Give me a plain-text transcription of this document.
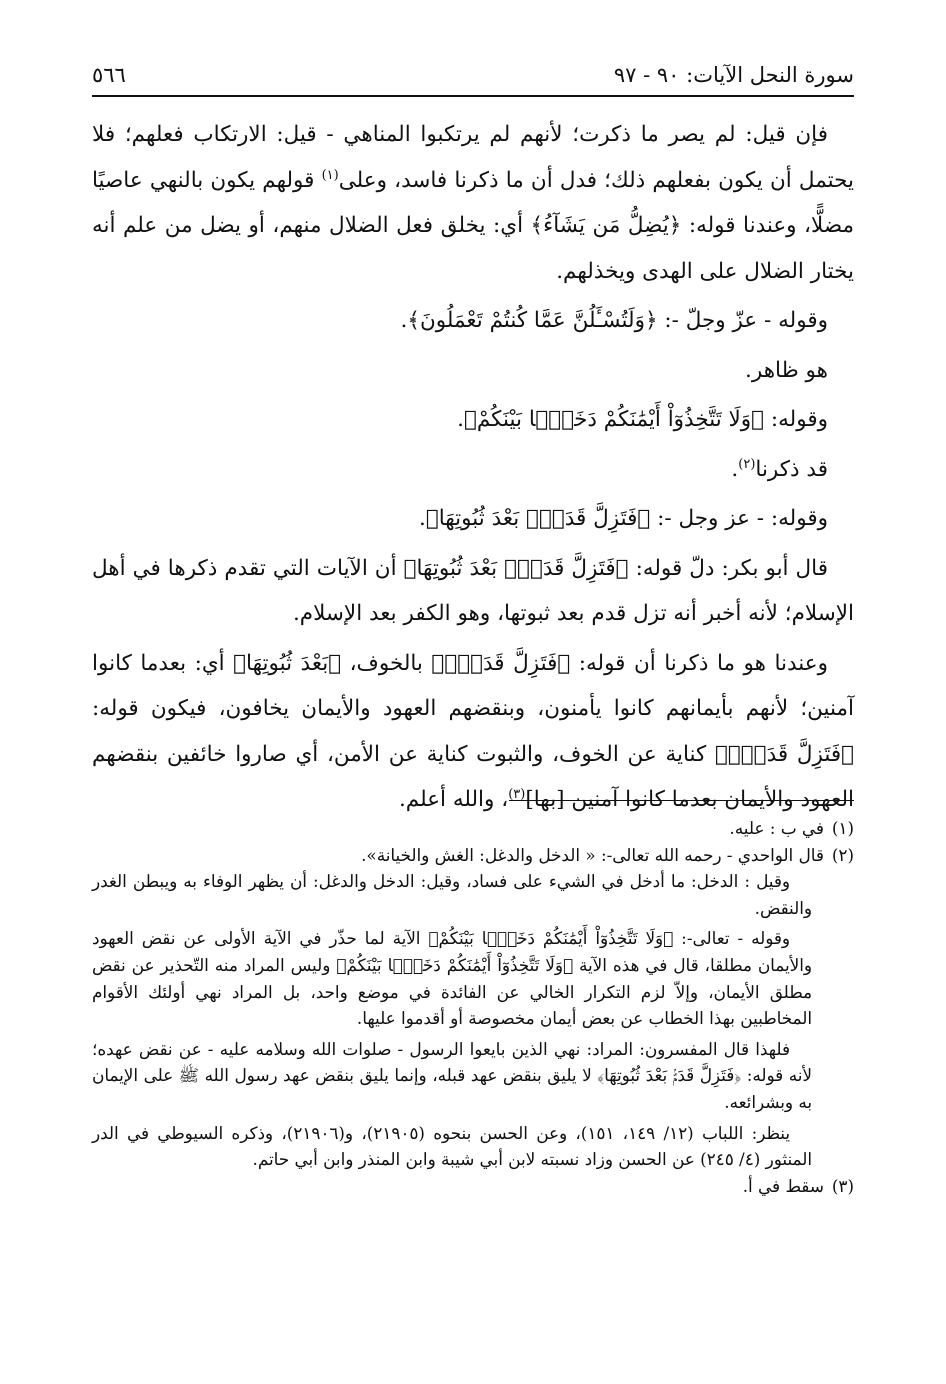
سورة النحل الآيات: ٩٠ - ٩٧
٥٦٦

فإن قيل: لم يصر ما ذكرت؛ لأنهم لم يرتكبوا المناهي - قيل: الارتكاب فعلهم؛ فلا يحتمل أن يكون بفعلهم ذلك؛ فدل أن ما ذكرنا فاسد، وعلى$^{(١)}$ قولهم يكون بالنهي عاصيًا مضلًّا، وعندنا قوله: ﴿يُضِلُّ مَن يَشَآءُ﴾ أي: يخلق فعل الضلال منهم، أو يضل من علم أنه يختار الضلال على الهدى ويخذلهم.

وقوله - عزّ وجلّ -: ﴿وَلَتُسْـَٔلُنَّ عَمَّا كُنتُمْ تَعْمَلُونَ﴾.

هو ظاهر.

وقوله: ﴿وَلَا تَتَّخِذُوٓاْ أَيْمَٰنَكُمْ دَخَلَۢا بَيْنَكُمْ﴾.

قد ذكرنا$^{(٢)}$.

وقوله: - عز وجل -: ﴿فَتَزِلَّ قَدَمٌۢ بَعْدَ ثُبُوتِهَا﴾.

قال أبو بكر: دلّ قوله: ﴿فَتَزِلَّ قَدَمٌۢ بَعْدَ ثُبُوتِهَا﴾ أن الآيات التي تقدم ذكرها في أهل الإسلام؛ لأنه أخبر أنه تزل قدم بعد ثبوتها، وهو الكفر بعد الإسلام.

وعندنا هو ما ذكرنا أن قوله: ﴿فَتَزِلَّ قَدَمٌۢ﴾ بالخوف، ﴿بَعْدَ ثُبُوتِهَا﴾ أي: بعدما كانوا آمنين؛ لأنهم بأيمانهم كانوا يأمنون، وبنقضهم العهود والأيمان يخافون، فيكون قوله: ﴿فَتَزِلَّ قَدَمٌۢ﴾ كناية عن الخوف، والثبوت كناية عن الأمن، أي صاروا خائفين بنقضهم العهود والأيمان بعدما كانوا آمنين [بها]$^{(٣)}$، والله أعلم.

(١)
في ب : عليه.
(٢)
قال الواحدي - رحمه الله تعالى-: « الدخل والدغل: الغش والخيانة».

وقيل : الدخل: ما أدخل في الشيء على فساد، وقيل: الدخل والدغل: أن يظهر الوفاء به ويبطن الغدر والنقض.

وقوله - تعالى-: ﴿وَلَا تَتَّخِذُوٓاْ أَيْمَٰنَكُمْ دَخَلَۢا بَيْنَكُمْ﴾ الآية لما حذّر في الآية الأولى عن نقض العهود والأيمان مطلقا، قال في هذه الآية ﴿وَلَا تَتَّخِذُوٓاْ أَيْمَٰنَكُمْ دَخَلَۢا بَيْنَكُمْ﴾ وليس المراد منه التّحذير عن نقض مطلق الأيمان، وإلاّ لزم التكرار الخالي عن الفائدة في موضع واحد، بل المراد نهي أولئك الأقوام المخاطبين بهذا الخطاب عن بعض أيمان مخصوصة أو أقدموا عليها.

فلهذا قال المفسرون: المراد: نهي الذين بايعوا الرسول - صلوات الله وسلامه عليه - عن نقض عهده؛ لأنه قوله: ﴿فَتَزِلَّ قَدَمٌۢ بَعْدَ ثُبُوتِهَا﴾ لا يليق بنقض عهد قبله، وإنما يليق بنقض عهد رسول الله ﷺ على الإيمان به وبشرائعه.

ينظر: اللباب (١٢/ ١٤٩، ١٥١)، وعن الحسن بنحوه (٢١٩٠٥)، و(٢١٩٠٦)، وذكره السيوطي في الدر المنثور (٤/ ٢٤٥) عن الحسن وزاد نسبته لابن أبي شيبة وابن المنذر وابن أبي حاتم.

(٣)
سقط في أ.
